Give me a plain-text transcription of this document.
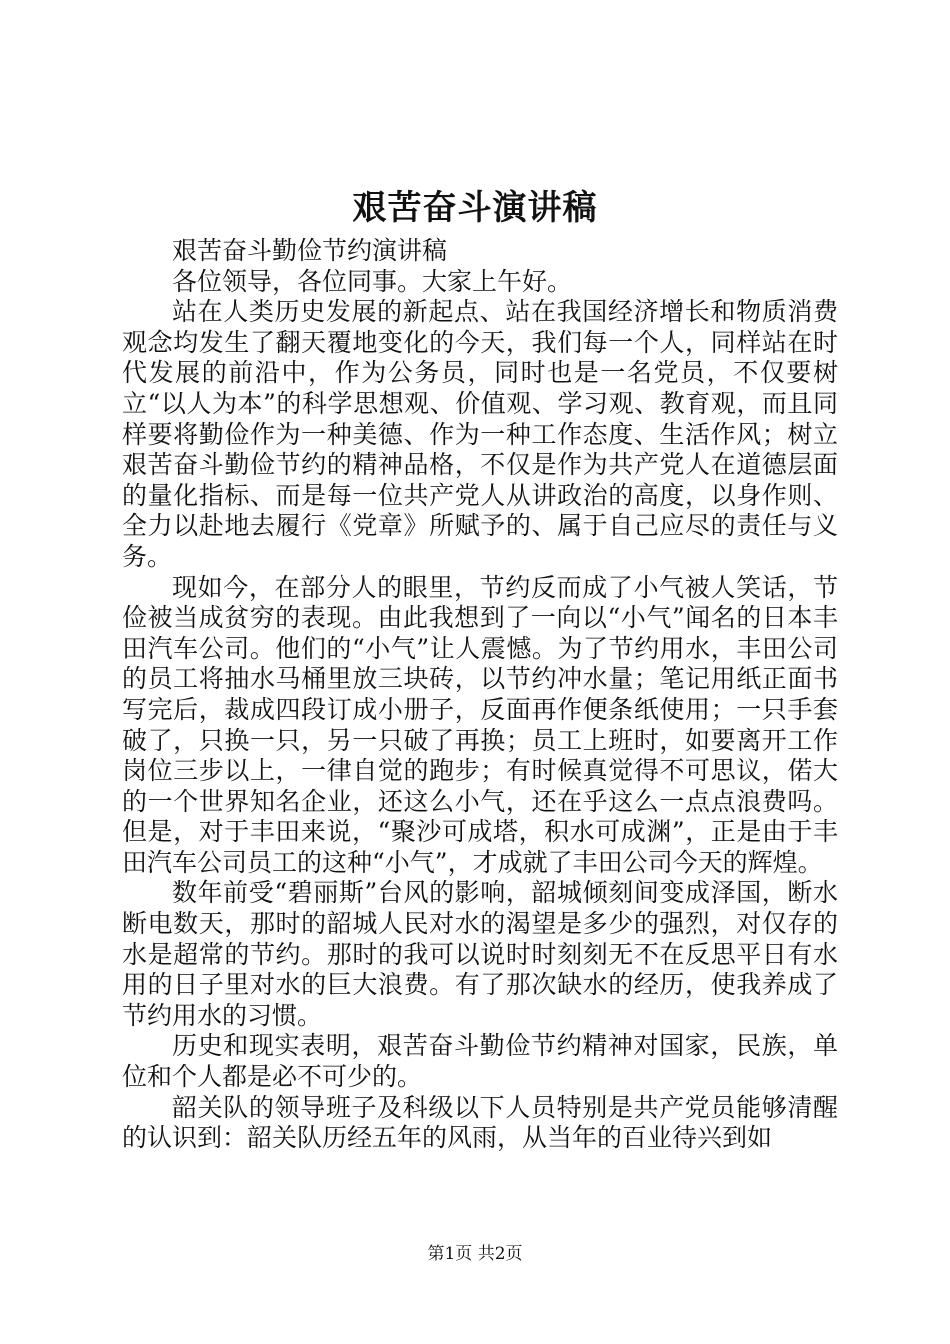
艰苦奋斗演讲稿

艰苦奋斗勤俭节约演讲稿

各位领导，各位同事。大家上午好。

站在人类历史发展的新起点、站在我国经济增长和物质消费观念均发生了翻天覆地变化的今天，我们每一个人，同样站在时代发展的前沿中，作为公务员，同时也是一名党员，不仅要树立“以人为本”的科学思想观、价值观、学习观、教育观，而且同样要将勤俭作为一种美德、作为一种工作态度、生活作风；树立艰苦奋斗勤俭节约的精神品格，不仅是作为共产党人在道德层面的量化指标、而是每一位共产党人从讲政治的高度，以身作则、全力以赴地去履行《党章》所赋予的、属于自己应尽的责任与义务。

现如今，在部分人的眼里，节约反而成了小气被人笑话，节俭被当成贫穷的表现。由此我想到了一向以“小气”闻名的日本丰田汽车公司。他们的“小气”让人震憾。为了节约用水，丰田公司的员工将抽水马桶里放三块砖，以节约冲水量；笔记用纸正面书写完后，裁成四段订成小册子，反面再作便条纸使用；一只手套破了，只换一只，另一只破了再换；员工上班时，如要离开工作岗位三步以上，一律自觉的跑步；有时候真觉得不可思议，偌大的一个世界知名企业，还这么小气，还在乎这么一点点浪费吗。但是，对于丰田来说，“聚沙可成塔，积水可成渊”，正是由于丰田汽车公司员工的这种“小气”，才成就了丰田公司今天的辉煌。

数年前受“碧丽斯”台风的影响，韶城倾刻间变成泽国，断水断电数天，那时的韶城人民对水的渴望是多少的强烈，对仅存的水是超常的节约。那时的我可以说时时刻刻无不在反思平日有水用的日子里对水的巨大浪费。有了那次缺水的经历，使我养成了节约用水的习惯。

历史和现实表明，艰苦奋斗勤俭节约精神对国家，民族，单位和个人都是必不可少的。

韶关队的领导班子及科级以下人员特别是共产党员能够清醒的认识到：韶关队历经五年的风雨，从当年的百业待兴到如

第1页 共2页
